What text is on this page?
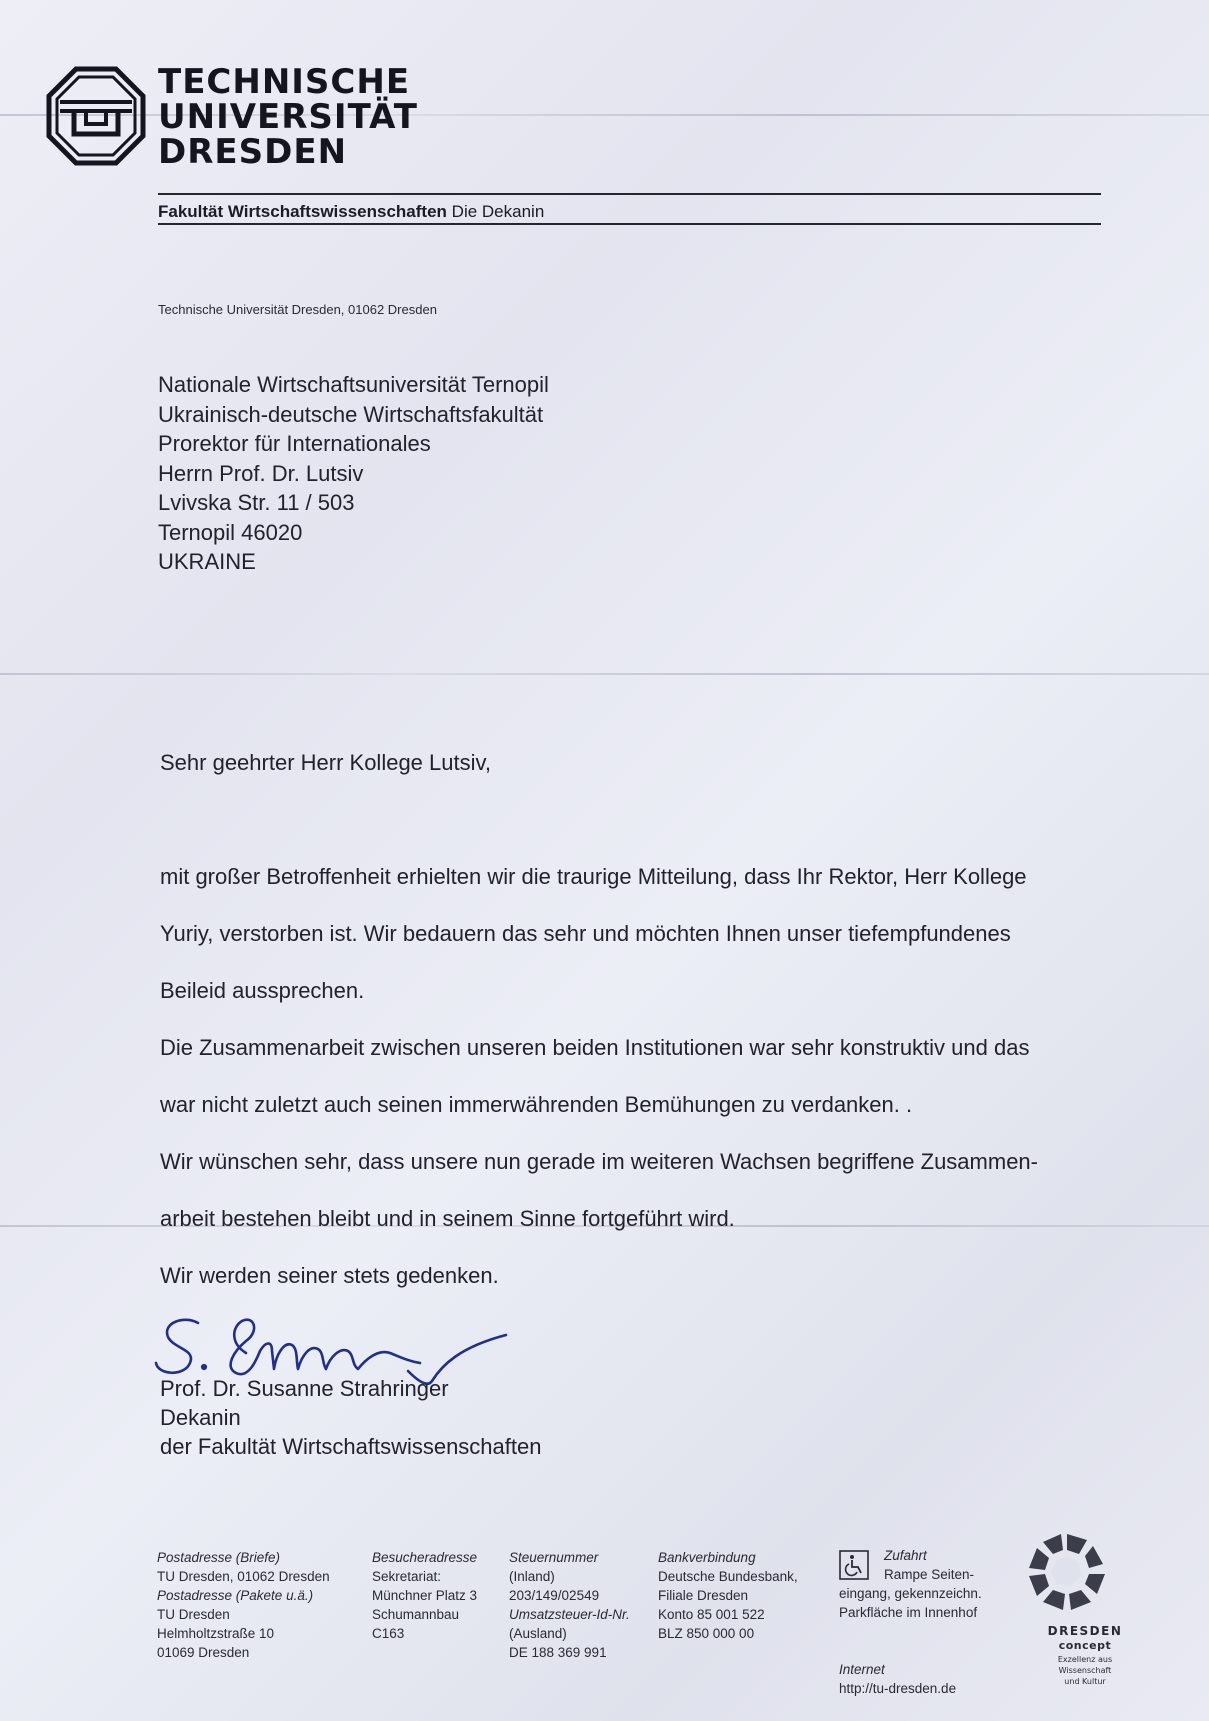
TECHNISCHE
UNIVERSITÄT
DRESDEN
Fakultät Wirtschaftswissenschaften Die Dekanin
Technische Universität Dresden, 01062 Dresden
Nationale Wirtschaftsuniversität Ternopil
Ukrainisch-deutsche Wirtschaftsfakultät
Prorektor für Internationales
Herrn Prof. Dr. Lutsiv
Lvivska Str. 11 / 503
Ternopil 46020
UKRAINE
Sehr geehrter Herr Kollege Lutsiv,
mit großer Betroffenheit erhielten wir die traurige Mitteilung, dass Ihr Rektor, Herr Kollege
Yuriy, verstorben ist. Wir bedauern das sehr und möchten Ihnen unser tiefempfundenes
Beileid aussprechen.
Die Zusammenarbeit zwischen unseren beiden Institutionen war sehr konstruktiv und das
war nicht zuletzt auch seinen immerwährenden Bemühungen zu verdanken. .
Wir wünschen sehr, dass unsere nun gerade im weiteren Wachsen begriffene Zusammen-
arbeit bestehen bleibt und in seinem Sinne fortgeführt wird.
Wir werden seiner stets gedenken.
Prof. Dr. Susanne Strahringer
Dekanin
der Fakultät Wirtschaftswissenschaften
Postadresse (Briefe)
TU Dresden, 01062 Dresden
Postadresse (Pakete u.ä.)
TU Dresden
Helmholtzstraße 10
01069 Dresden
Besucheradresse
Sekretariat:
Münchner Platz 3
Schumannbau
C163
Steuernummer
(Inland)
203/149/02549
Umsatzsteuer-Id-Nr.
(Ausland)
DE 188 369 991
Bankverbindung
Deutsche Bundesbank,
Filiale Dresden
Konto 85 001 522
BLZ 850 000 00
Zufahrt
Rampe Seiten-
eingang, gekennzeichn.
Parkfläche im Innenhof
Internet
http://tu-dresden.de
DRESDEN
concept
Exzellenz aus
Wissenschaft
und Kultur
